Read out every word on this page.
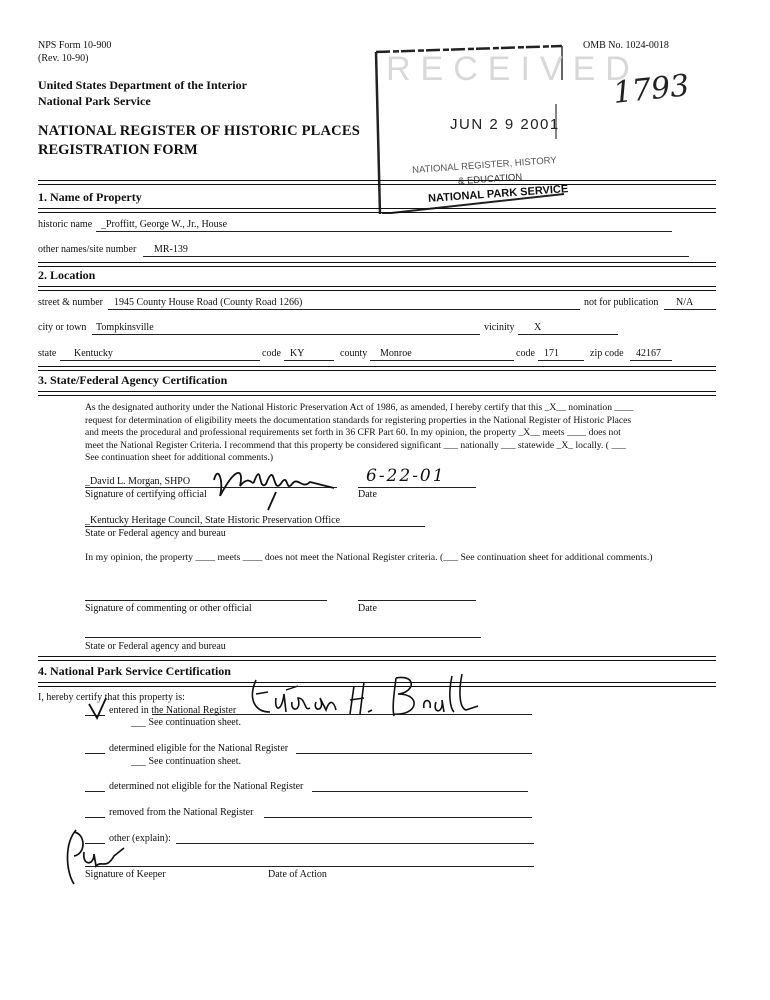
NPS Form 10-900
(Rev. 10-90)
OMB No. 1024-0018
United States Department of the Interior
National Park Service
NATIONAL REGISTER OF HISTORIC PLACES
REGISTRATION FORM
1793
RECEIVED
JUN 2 9 2001
NATIONAL REGISTER, HISTORY
& EDUCATION
NATIONAL PARK SERVICE
1. Name of Property
historic name _Proffitt, George W., Jr., House
other names/site number MR-139
2. Location
street & number 1945 County House Road (County Road 1266)	not for publication N/A
city or town Tompkinsville	vicinity X
state Kentucky	code KY	county Monroe	code 171	zip code 42167
3. State/Federal Agency Certification
As the designated authority under the National Historic Preservation Act of 1986, as amended, I hereby certify that this _X__ nomination ____
request for determination of eligibility meets the documentation standards for registering properties in the National Register of Historic Places
and meets the procedural and professional requirements set forth in 36 CFR Part 60. In my opinion, the property _X__ meets ____ does not
meet the National Register Criteria. I recommend that this property be considered significant ___ nationally ___ statewide _X_ locally. ( ___
See continuation sheet for additional comments.)
_David L. Morgan, SHPO
Signature of certifying official
6-22-01
Date
_Kentucky Heritage Council, State Historic Preservation Office
State or Federal agency and bureau
In my opinion, the property ____ meets ____ does not meet the National Register criteria. (___ See continuation sheet for additional comments.)
Signature of commenting or other official	Date
State or Federal agency and bureau
4. National Park Service Certification
I, hereby certify that this property is:
entered in the National Register
___ See continuation sheet.
determined eligible for the National Register
___ See continuation sheet.
determined not eligible for the National Register
removed from the National Register
other (explain):
Signature of Keeper	Date of Action
